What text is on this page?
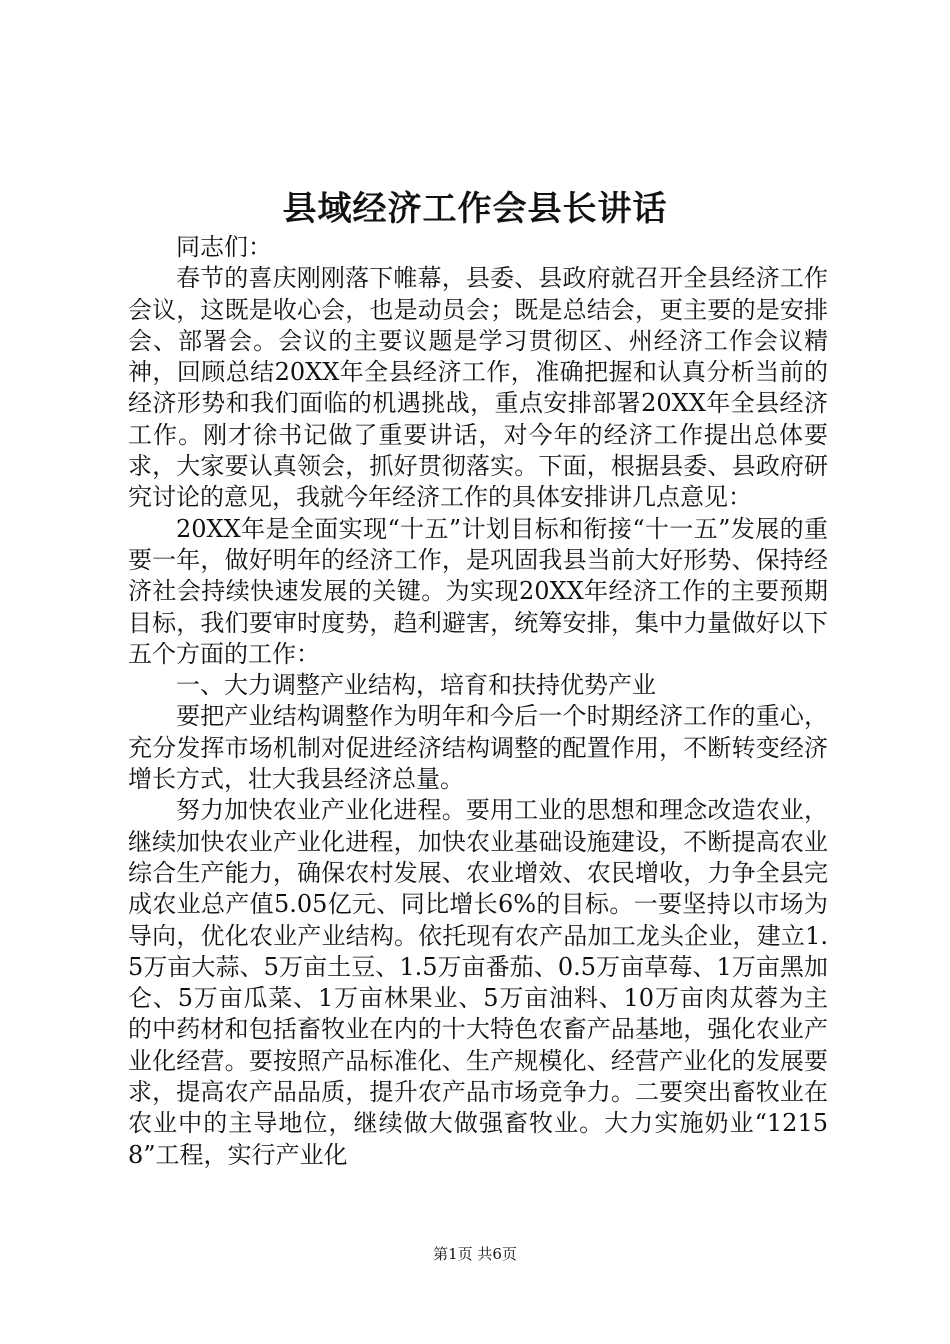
县域经济工作会县长讲话

同志们：

春节的喜庆刚刚落下帷幕，县委、县政府就召开全县经济工作会议，这既是收心会，也是动员会；既是总结会，更主要的是安排会、部署会。会议的主要议题是学习贯彻区、州经济工作会议精神，回顾总结20XX年全县经济工作，准确把握和认真分析当前的经济形势和我们面临的机遇挑战，重点安排部署20XX年全县经济工作。刚才徐书记做了重要讲话，对今年的经济工作提出总体要求，大家要认真领会，抓好贯彻落实。下面，根据县委、县政府研究讨论的意见，我就今年经济工作的具体安排讲几点意见：

20XX年是全面实现“十五”计划目标和衔接“十一五”发展的重要一年，做好明年的经济工作，是巩固我县当前大好形势、保持经济社会持续快速发展的关键。为实现20XX年经济工作的主要预期目标，我们要审时度势，趋利避害，统筹安排，集中力量做好以下五个方面的工作：

一、大力调整产业结构，培育和扶持优势产业

要把产业结构调整作为明年和今后一个时期经济工作的重心，充分发挥市场机制对促进经济结构调整的配置作用，不断转变经济增长方式，壮大我县经济总量。

努力加快农业产业化进程。要用工业的思想和理念改造农业，继续加快农业产业化进程，加快农业基础设施建设，不断提高农业综合生产能力，确保农村发展、农业增效、农民增收，力争全县完成农业总产值5.05亿元、同比增长6%的目标。一要坚持以市场为导向，优化农业产业结构。依托现有农产品加工龙头企业，建立1.5万亩大蒜、5万亩土豆、1.5万亩番茄、0.5万亩草莓、1万亩黑加仑、5万亩瓜菜、1万亩林果业、5万亩油料、10万亩肉苁蓉为主的中药材和包括畜牧业在内的十大特色农畜产品基地，强化农业产业化经营。要按照产品标准化、生产规模化、经营产业化的发展要求，提高农产品品质，提升农产品市场竞争力。二要突出畜牧业在农业中的主导地位，继续做大做强畜牧业。大力实施奶业“12158”工程，实行产业化

第1页 共6页
